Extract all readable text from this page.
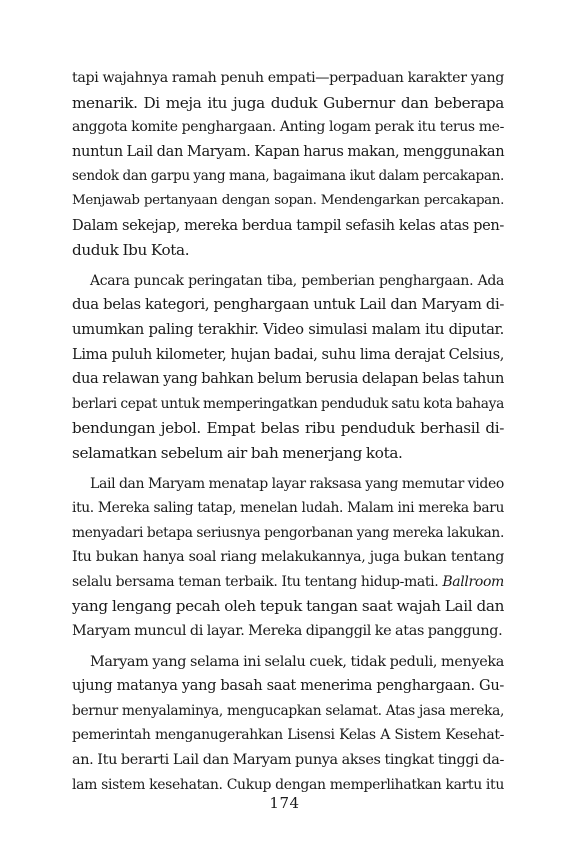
tapi wajahnya ramah penuh empati—perpaduan karakter yang
menarik. Di meja itu juga duduk Gubernur dan beberapa
anggota komite penghargaan. Anting logam perak itu terus me-
nuntun Lail dan Maryam. Kapan harus makan, menggunakan
sendok dan garpu yang mana, bagaimana ikut dalam percakapan.
Menjawab pertanyaan dengan sopan. Mendengarkan percakapan.
Dalam sekejap, mereka berdua tampil sefasih kelas atas pen-
duduk Ibu Kota.
Acara puncak peringatan tiba, pemberian penghargaan. Ada
dua belas kategori, penghargaan untuk Lail dan Maryam di-
umumkan paling terakhir. Video simulasi malam itu diputar.
Lima puluh kilometer, hujan badai, suhu lima derajat Celsius,
dua relawan yang bahkan belum berusia delapan belas tahun
berlari cepat untuk memperingatkan penduduk satu kota bahaya
bendungan jebol. Empat belas ribu penduduk berhasil di-
selamatkan sebelum air bah menerjang kota.
Lail dan Maryam menatap layar raksasa yang memutar video
itu. Mereka saling tatap, menelan ludah. Malam ini mereka baru
menyadari betapa seriusnya pengorbanan yang mereka lakukan.
Itu bukan hanya soal riang melakukannya, juga bukan tentang
selalu bersama teman terbaik. Itu tentang hidup-mati. Ballroom
yang lengang pecah oleh tepuk tangan saat wajah Lail dan
Maryam muncul di layar. Mereka dipanggil ke atas panggung.
Maryam yang selama ini selalu cuek, tidak peduli, menyeka
ujung matanya yang basah saat menerima penghargaan. Gu-
bernur menyalaminya, mengucapkan selamat. Atas jasa mereka,
pemerintah menganugerahkan Lisensi Kelas A Sistem Kesehat-
an. Itu berarti Lail dan Maryam punya akses tingkat tinggi da-
lam sistem kesehatan. Cukup dengan memperlihatkan kartu itu
174
